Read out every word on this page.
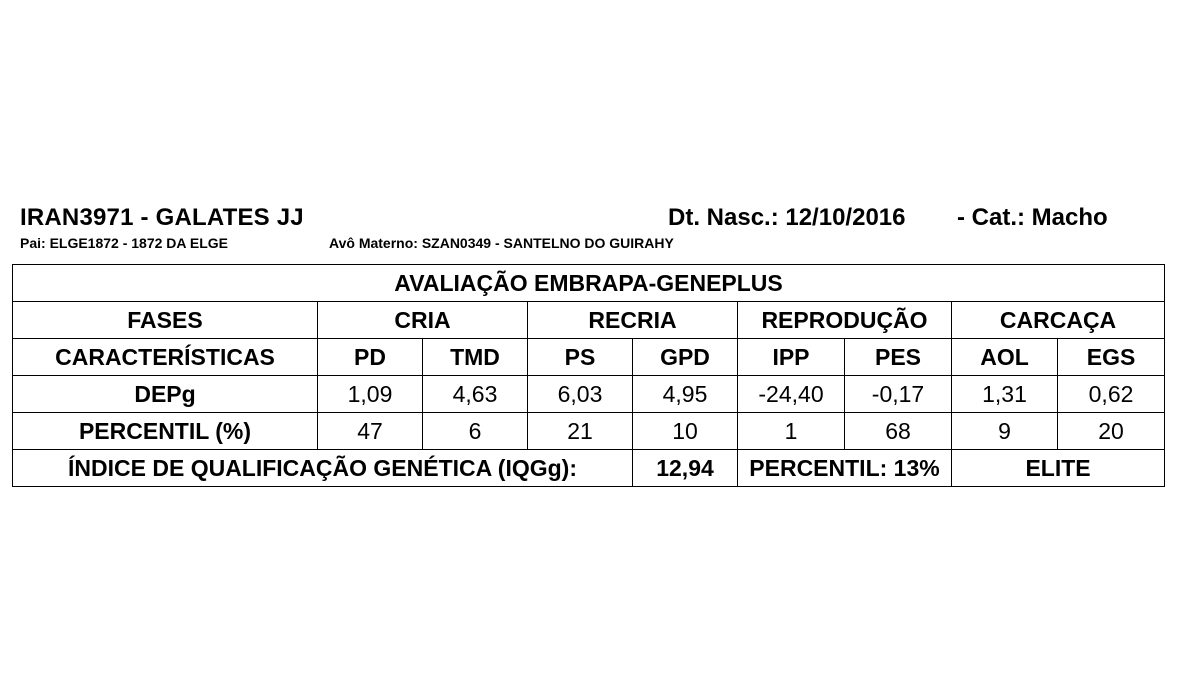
IRAN3971 - GALATES JJ	Dt. Nasc.: 12/10/2016 - Cat.: Macho
Pai: ELGE1872 - 1872 DA ELGE	Avô Materno: SZAN0349 - SANTELNO DO GUIRAHY
AVALIAÇÃO EMBRAPA-GENEPLUS								
FASES	CRIA		RECRIA		REPRODUÇÃO		CARCAÇA	
CARACTERÍSTICAS	PD	TMD	PS	GPD	IPP	PES	AOL	EGS
DEPg	1,09	4,63	6,03	4,95	-24,40	-0,17	1,31	0,62
PERCENTIL (%)	47	6	21	10	1	68	9	20
ÍNDICE DE QUALIFICAÇÃO GENÉTICA (IQGg):				12,94	PERCENTIL: 13%		ELITE	
